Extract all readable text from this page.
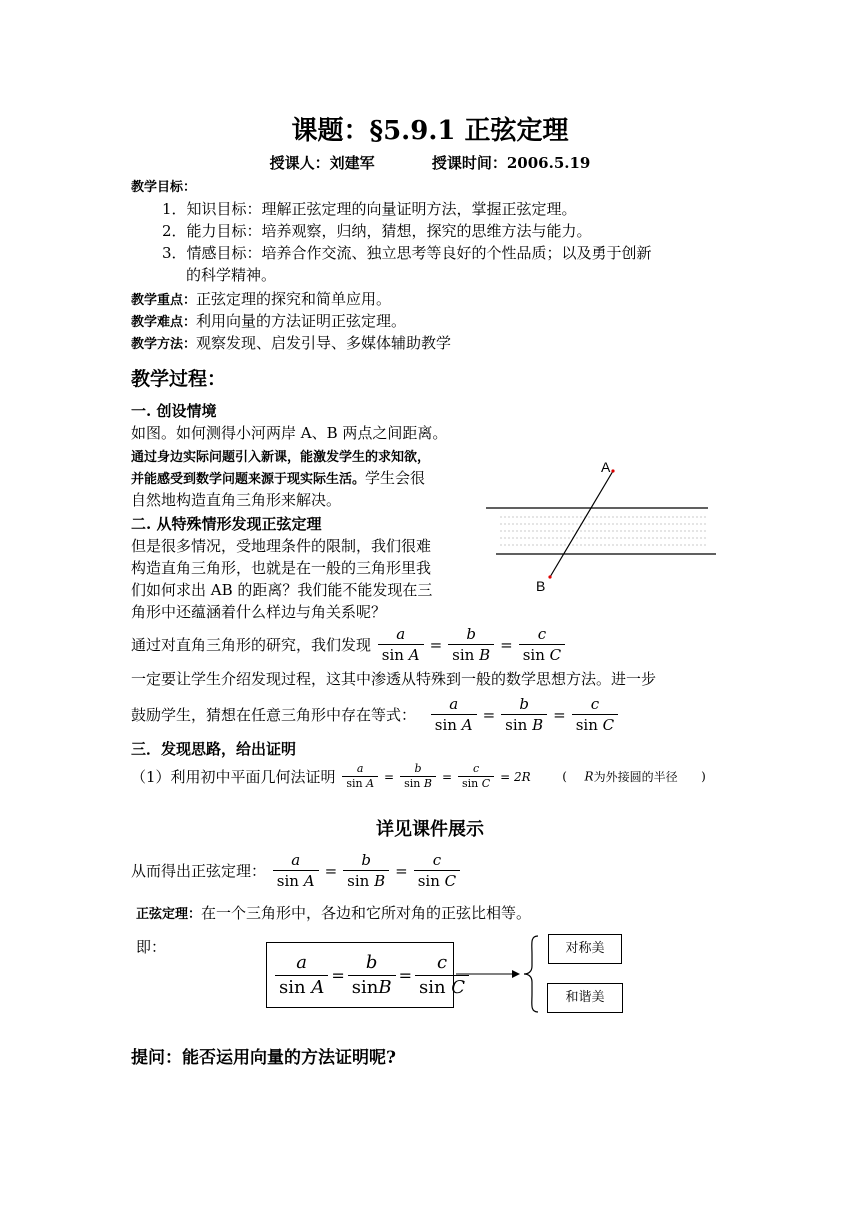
课题：§5.9.1 正弦定理
授课人：刘建军	授课时间：2006.5.19
教学目标：
1．知识目标：理解正弦定理的向量证明方法，掌握正弦定理。
2．能力目标：培养观察，归纳，猜想，探究的思维方法与能力。
3．情感目标：培养合作交流、独立思考等良好的个性品质；以及勇于创新
的科学精神。
教学重点：正弦定理的探究和简单应用。
教学难点：利用向量的方法证明正弦定理。
教学方法：观察发现、启发引导、多媒体辅助教学
教学过程：
一. 创设情境
如图。如何测得小河两岸 A、B 两点之间距离。
通过身边实际问题引入新课，能激发学生的求知欲，
并能感受到数学问题来源于现实际生活。学生会很
自然地构造直角三角形来解决。
二. 从特殊情形发现正弦定理
但是很多情况，受地理条件的限制，我们很难
构造直角三角形，也就是在一般的三角形里我
们如何求出 AB 的距离？我们能不能发现在三
角形中还蕴涵着什么样边与角关系呢？
A
B
通过对直角三角形的研究，我们发现 $\frac{a}{\text{sin A}} = \frac{b}{\text{sin B}} = \frac{c}{\text{sin C}}$
一定要让学生介绍发现过程，这其中渗透从特殊到一般的数学思想方法。进一步
鼓励学生，猜想在任意三角形中存在等式： $\frac{a}{\text{sin A}} = \frac{b}{\text{sin B}} = \frac{c}{\text{sin C}}$
三．发现思路，给出证明
（1）利用初中平面几何法证明 $\frac{a}{\text{sin A}} = \frac{b}{\text{sin B}} = \frac{c}{\text{sin C}} = 2R$	( R为外接圆的半径 )
详见课件展示
从而得出正弦定理： $\frac{a}{\text{sin A}} = \frac{b}{\text{sin B}} = \frac{c}{\text{sin C}}$
正弦定理：在一个三角形中，各边和它所对角的正弦比相等。
即：
$\frac{a}{\text{sin A}} = \frac{b}{\sin B} = \frac{c}{\text{sin C}}$
对称美
和谐美
提问：能否运用向量的方法证明呢?
